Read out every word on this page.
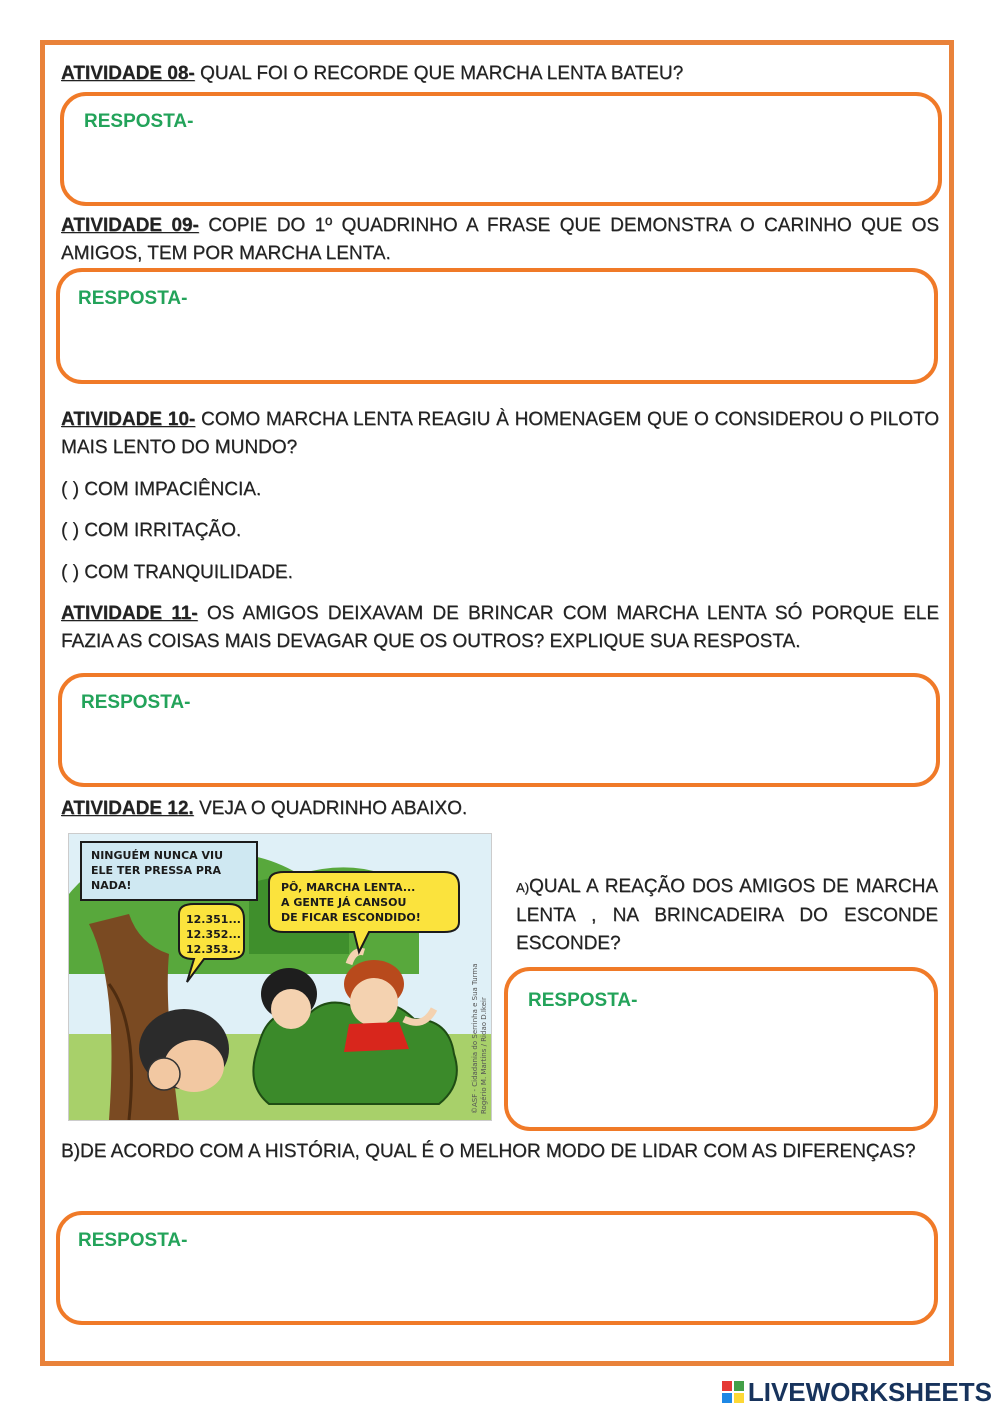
ATIVIDADE 08- QUAL FOI O RECORDE QUE MARCHA LENTA BATEU?
RESPOSTA-
ATIVIDADE 09- COPIE DO 1º QUADRINHO A FRASE QUE DEMONSTRA O CARINHO QUE OS AMIGOS, TEM POR MARCHA LENTA.
RESPOSTA-
ATIVIDADE 10- COMO MARCHA LENTA REAGIU À HOMENAGEM QUE O CONSIDEROU O PILOTO MAIS LENTO DO MUNDO?
( ) COM IMPACIÊNCIA.
( ) COM IRRITAÇÃO.
( ) COM TRANQUILIDADE.
ATIVIDADE 11- OS AMIGOS DEIXAVAM DE BRINCAR COM MARCHA LENTA SÓ PORQUE ELE FAZIA AS COISAS MAIS DEVAGAR QUE OS OUTROS? EXPLIQUE SUA RESPOSTA.
RESPOSTA-
ATIVIDADE 12. VEJA O QUADRINHO ABAIXO.
NINGUÉM NUNCA VIU
ELE TER PRESSA PRA
NADA!
12.351...
12.352...
12.353...
PÔ, MARCHA LENTA...
A GENTE JÁ CANSOU
DE FICAR ESCONDIDO!
©ASF - Cidadania do Serrinha e Sua Turma Rogério M. Martins / Ridao D.Ikeir
A)QUAL A REAÇÃO DOS AMIGOS DE MARCHA LENTA , NA BRINCADEIRA DO ESCONDE ESCONDE?
RESPOSTA-
B)DE ACORDO COM A HISTÓRIA, QUAL É O MELHOR MODO DE LIDAR COM AS DIFERENÇAS?
RESPOSTA-
LIVEWORKSHEETS
